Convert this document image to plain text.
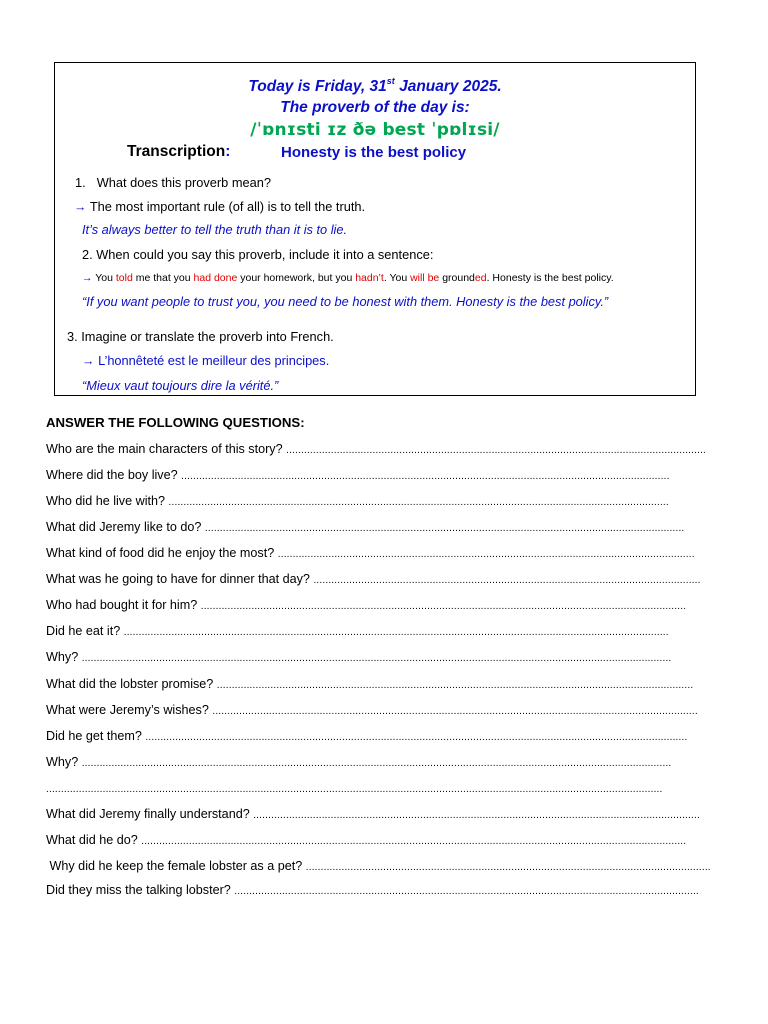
Today is Friday, 31st January 2025.
The proverb of the day is:
/ˈɒnɪsti ɪz ðə best ˈpɒlɪsi/
Transcription:	Honesty is the best policy
1. What does this proverb mean?
→ The most important rule (of all) is to tell the truth.
It’s always better to tell the truth than it is to lie.
2. When could you say this proverb, include it into a sentence:
→ You told me that you had done your homework, but you hadn’t. You will be grounded. Honesty is the best policy.
“If you want people to trust you, you need to be honest with them. Honesty is the best policy.”
3. Imagine or translate the proverb into French.
→ L’honnêteté est le meilleur des principes.
“Mieux vaut toujours dire la vérité.”
ANSWER THE FOLLOWING QUESTIONS:
Who are the main characters of this story? .............................................................................................................................................
Where did the boy live? ....................................................................................................................................................................
Who did he live with? ........................................................................................................................................................................
What did Jeremy like to do? .................................................................................................................................................................
What kind of food did he enjoy the most? ............................................................................................................................................
What was he going to have for dinner that day? ..................................................................................................................................
Who had bought it for him? ...................................................................................................................................................................
Did he eat it? .......................................................................................................................................................................................
Why? ......................................................................................................................................................................................................
What did the lobster promise? ................................................................................................................................................................
What were Jeremy’s wishes? ...................................................................................................................................................................
Did he get them? ......................................................................................................................................................................................
Why? ......................................................................................................................................................................................................
...............................................................................................................................................................................................................
What did Jeremy finally understand? ......................................................................................................................................................
What did he do? .......................................................................................................................................................................................
Why did he keep the female lobster as a pet? ........................................................................................................................................
Did they miss the talking lobster? ............................................................................................................................................................
